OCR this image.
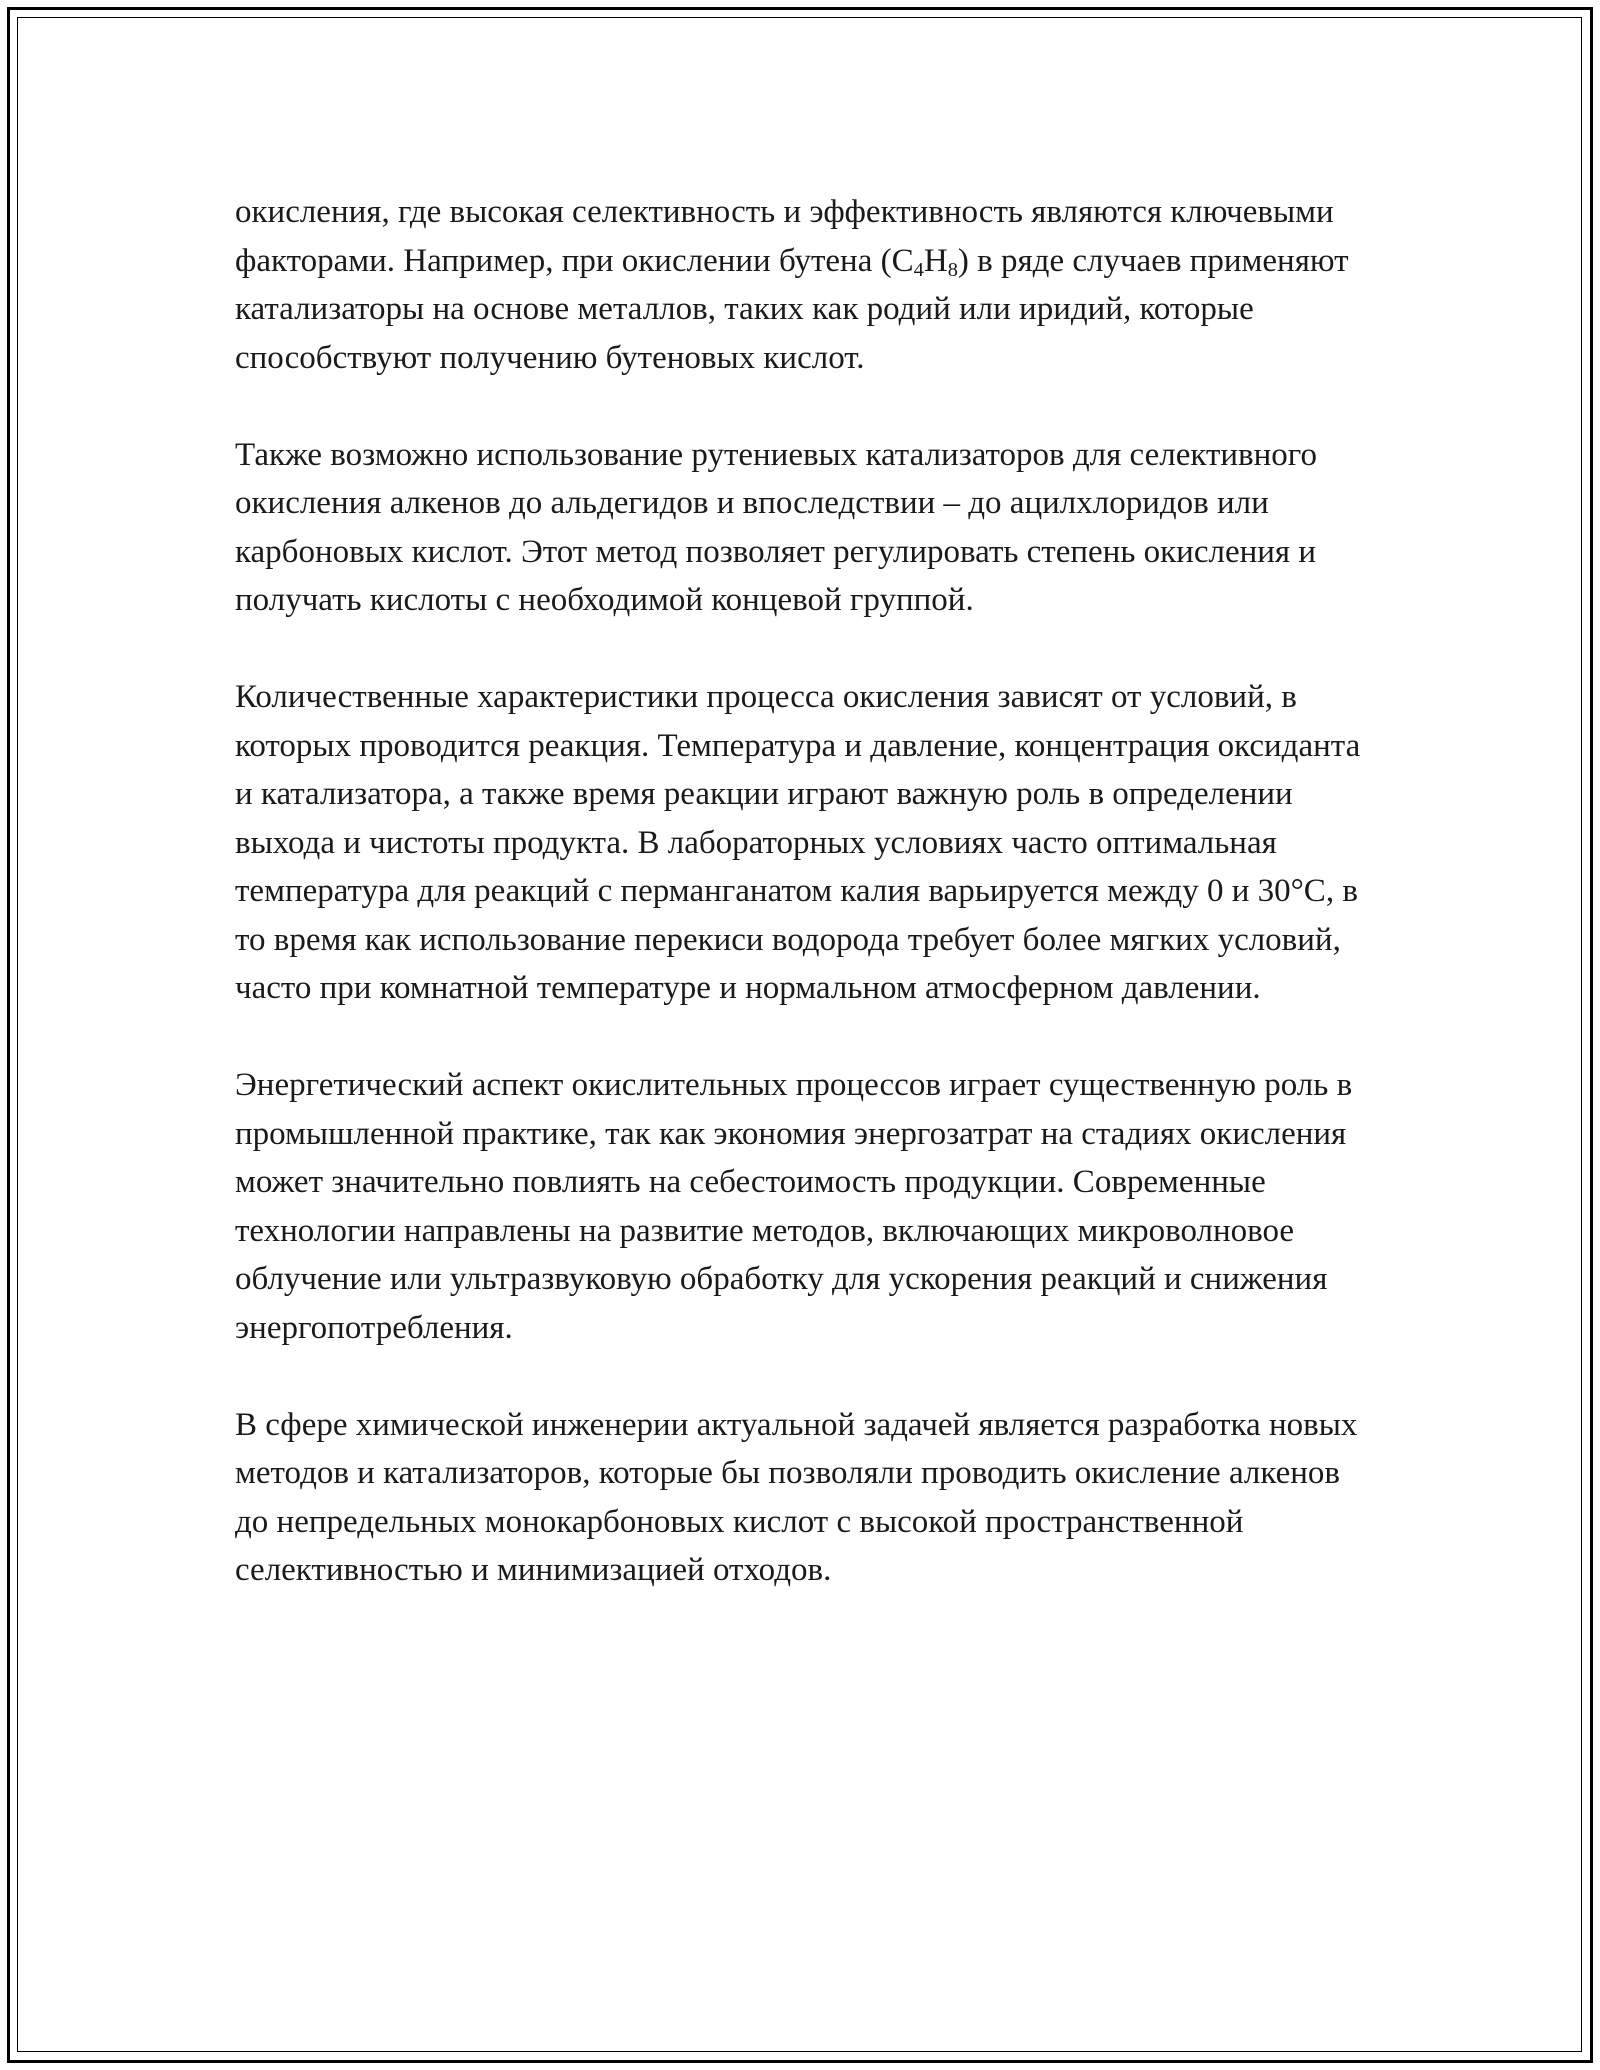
окисления, где высокая селективность и эффективность являются ключевыми факторами. Например, при окислении бутена $(C_4H_8)$ в ряде случаев применяют катализаторы на основе металлов, таких как родий или иридий, которые способствуют получению бутеновых кислот.

Также возможно использование рутениевых катализаторов для селективного окисления алкенов до альдегидов и впоследствии – до ацилхлоридов или карбоновых кислот. Этот метод позволяет регулировать степень окисления и получать кислоты с необходимой концевой группой.

Количественные характеристики процесса окисления зависят от условий, в которых проводится реакция. Температура и давление, концентрация оксиданта и катализатора, а также время реакции играют важную роль в определении выхода и чистоты продукта. В лабораторных условиях часто оптимальная температура для реакций с перманганатом калия варьируется между 0 и 30°C, в то время как использование перекиси водорода требует более мягких условий, часто при комнатной температуре и нормальном атмосферном давлении.

Энергетический аспект окислительных процессов играет существенную роль в промышленной практике, так как экономия энергозатрат на стадиях окисления может значительно повлиять на себестоимость продукции. Современные технологии направлены на развитие методов, включающих микроволновое облучение или ультразвуковую обработку для ускорения реакций и снижения энергопотребления.

В сфере химической инженерии актуальной задачей является разработка новых методов и катализаторов, которые бы позволяли проводить окисление алкенов до непредельных монокарбоновых кислот с высокой пространственной селективностью и минимизацией отходов.
